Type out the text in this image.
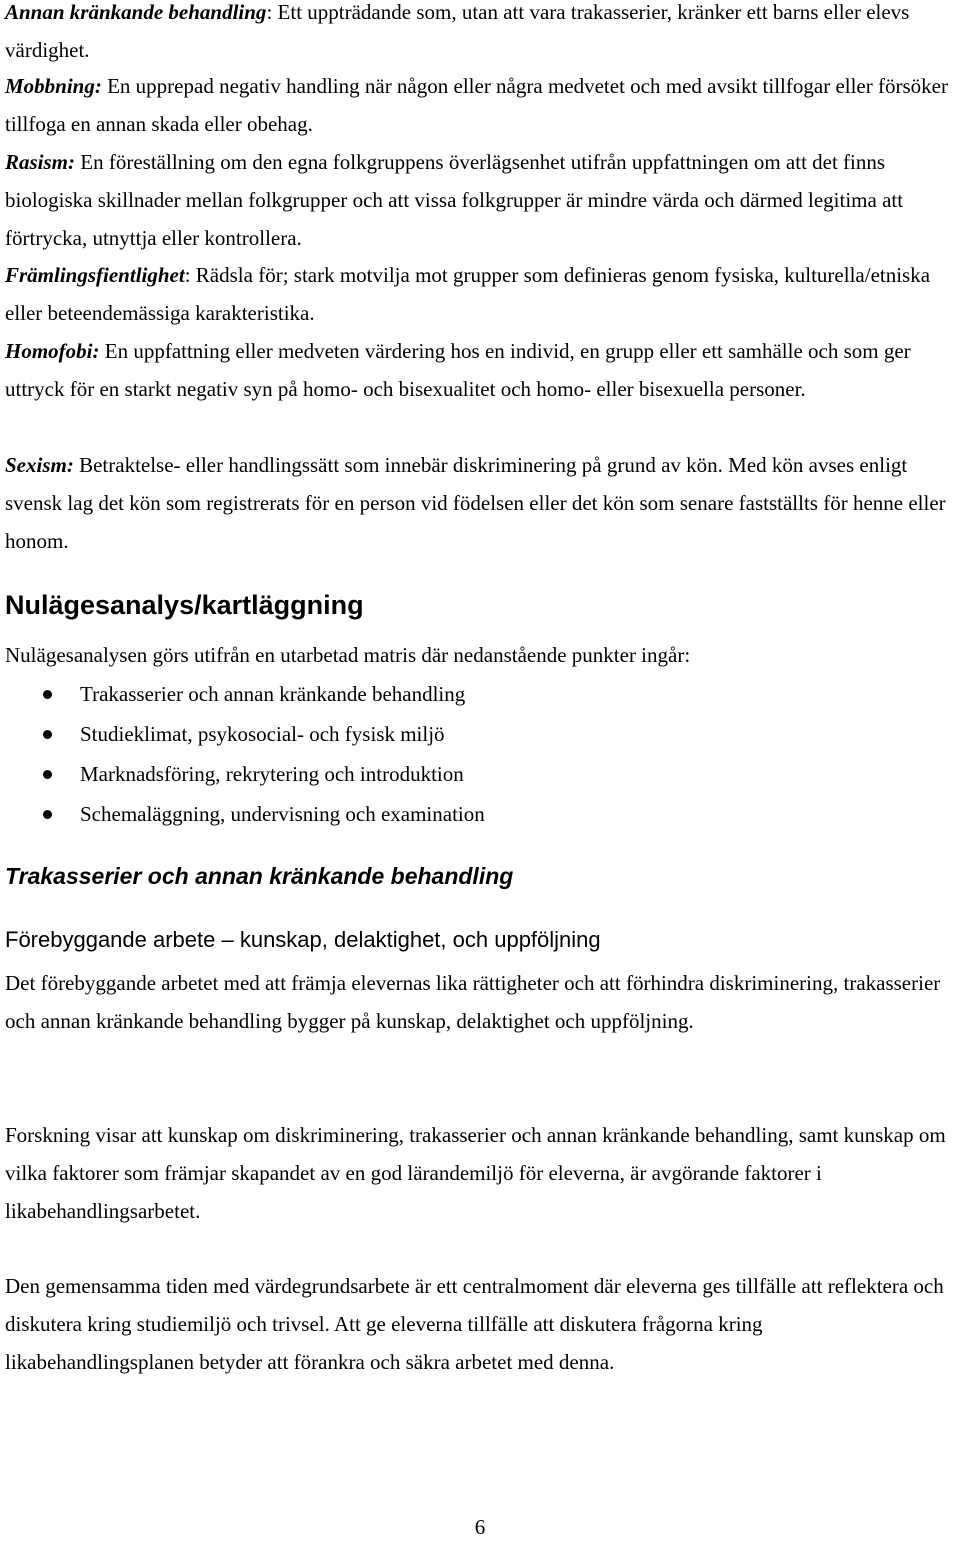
Annan kränkande behandling: Ett uppträdande som, utan att vara trakasserier, kränker ett barns eller elevs värdighet.

Mobbning: En upprepad negativ handling när någon eller några medvetet och med avsikt tillfogar eller försöker tillfoga en annan skada eller obehag.

Rasism: En föreställning om den egna folkgruppens överlägsenhet utifrån uppfattningen om att det finns biologiska skillnader mellan folkgrupper och att vissa folkgrupper är mindre värda och därmed legitima att förtrycka, utnyttja eller kontrollera.

Främlingsfientlighet: Rädsla för; stark motvilja mot grupper som definieras genom fysiska, kulturella/etniska eller beteendemässiga karakteristika.

Homofobi: En uppfattning eller medveten värdering hos en individ, en grupp eller ett samhälle och som ger uttryck för en starkt negativ syn på homo- och bisexualitet och homo- eller bisexuella personer.

Sexism: Betraktelse- eller handlingssätt som innebär diskriminering på grund av kön. Med kön avses enligt svensk lag det kön som registrerats för en person vid födelsen eller det kön som senare fastställts för henne eller honom.

Nulägesanalys/kartläggning

Nulägesanalysen görs utifrån en utarbetad matris där nedanstående punkter ingår:

Trakasserier och annan kränkande behandling
Studieklimat, psykosocial- och fysisk miljö
Marknadsföring, rekrytering och introduktion
Schemaläggning, undervisning och examination
Trakasserier och annan kränkande behandling
Förebyggande arbete – kunskap, delaktighet, och uppföljning

Det förebyggande arbetet med att främja elevernas lika rättigheter och att förhindra diskriminering, trakasserier och annan kränkande behandling bygger på kunskap, delaktighet och uppföljning.

Forskning visar att kunskap om diskriminering, trakasserier och annan kränkande behandling, samt kunskap om vilka faktorer som främjar skapandet av en god lärandemiljö för eleverna, är avgörande faktorer i likabehandlingsarbetet.

Den gemensamma tiden med värdegrundsarbete är ett centralmoment där eleverna ges tillfälle att reflektera och diskutera kring studiemiljö och trivsel. Att ge eleverna tillfälle att diskutera frågorna kring likabehandlingsplanen betyder att förankra och säkra arbetet med denna.

6
